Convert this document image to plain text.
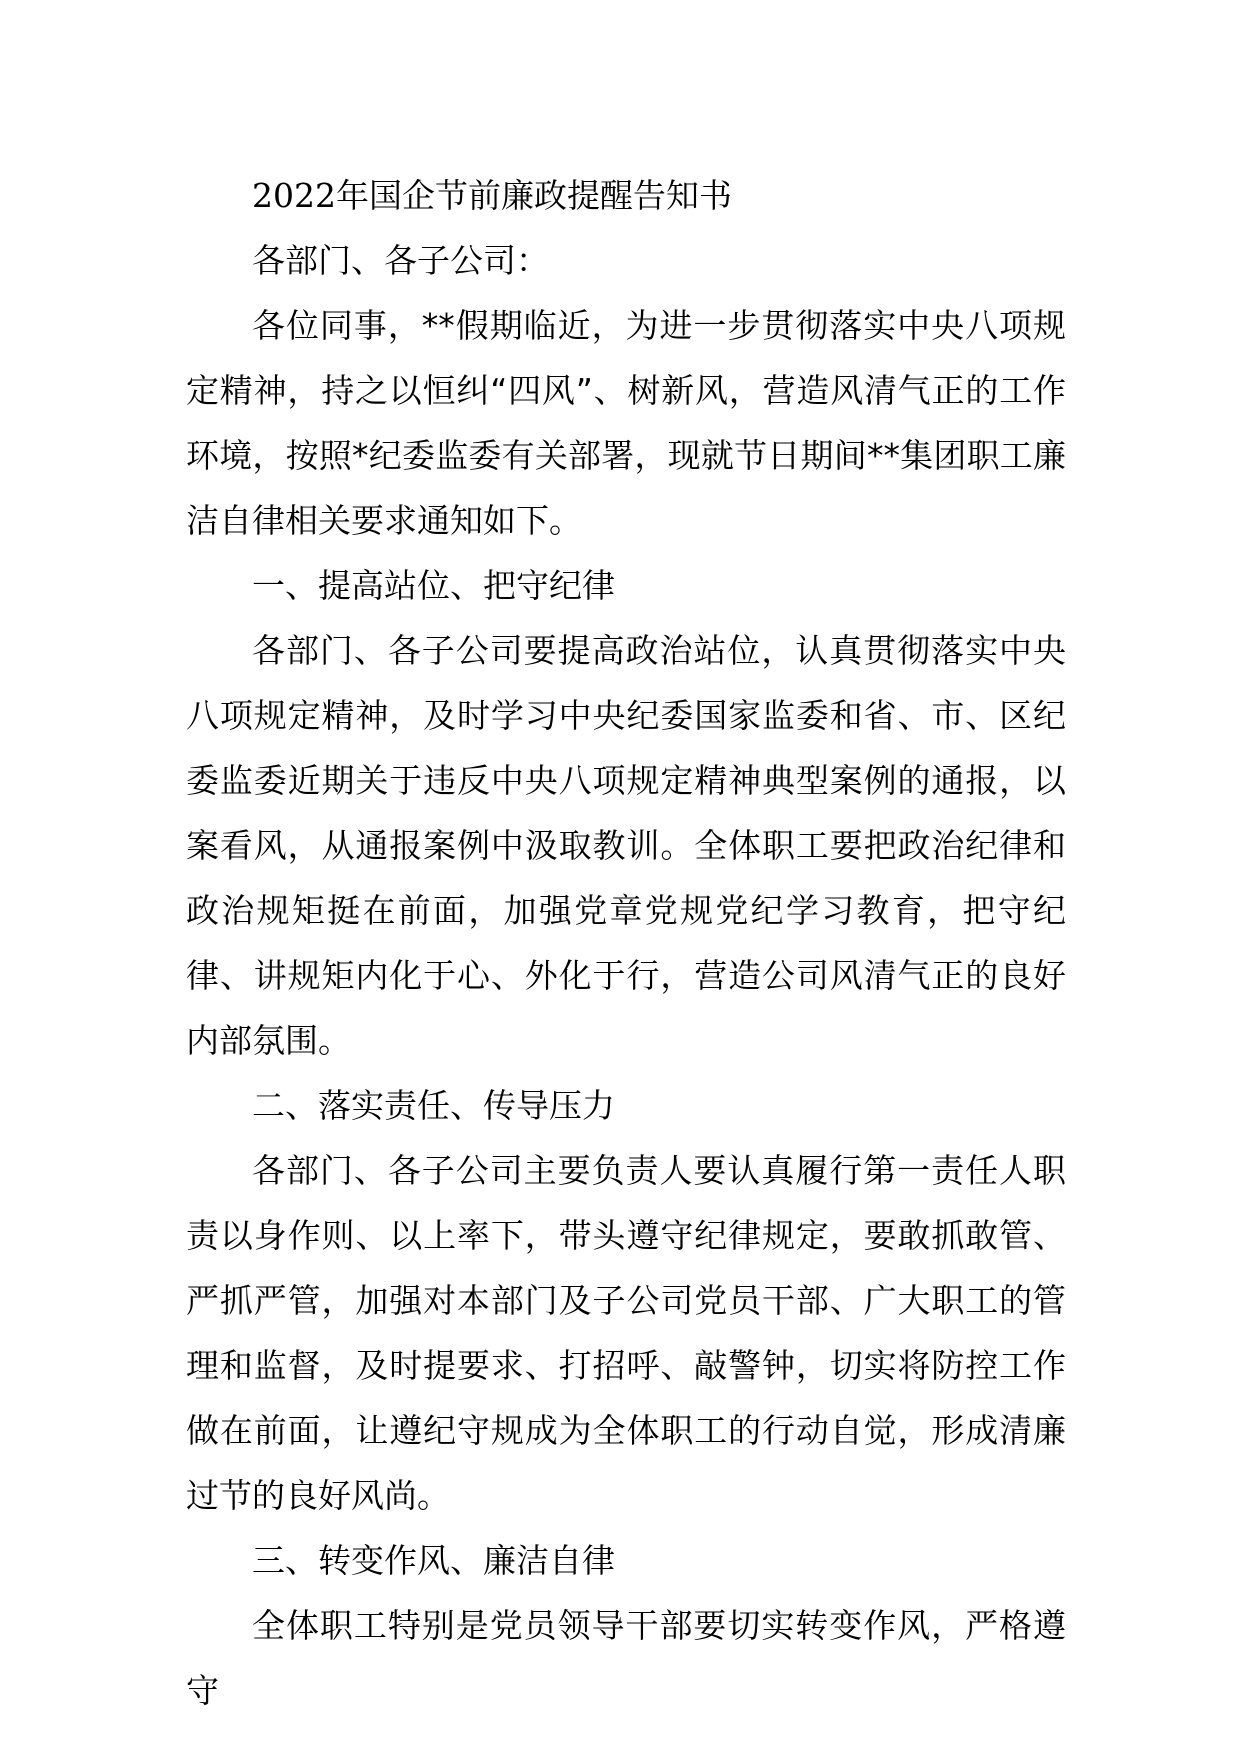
2022年国企节前廉政提醒告知书

各部门、各子公司：

各位同事，**假期临近，为进一步贯彻落实中央八项规定精神，持之以恒纠“四风”、树新风，营造风清气正的工作环境，按照*纪委监委有关部署，现就节日期间**集团职工廉洁自律相关要求通知如下。

一、提高站位、把守纪律

各部门、各子公司要提高政治站位，认真贯彻落实中央八项规定精神，及时学习中央纪委国家监委和省、市、区纪委监委近期关于违反中央八项规定精神典型案例的通报，以案看风，从通报案例中汲取教训。全体职工要把政治纪律和政治规矩挺在前面，加强党章党规党纪学习教育，把守纪律、讲规矩内化于心、外化于行，营造公司风清气正的良好内部氛围。

二、落实责任、传导压力

各部门、各子公司主要负责人要认真履行第一责任人职责以身作则、以上率下，带头遵守纪律规定，要敢抓敢管、严抓严管，加强对本部门及子公司党员干部、广大职工的管理和监督，及时提要求、打招呼、敲警钟，切实将防控工作做在前面，让遵纪守规成为全体职工的行动自觉，形成清廉过节的良好风尚。

三、转变作风、廉洁自律

全体职工特别是党员领导干部要切实转变作风，严格遵守
